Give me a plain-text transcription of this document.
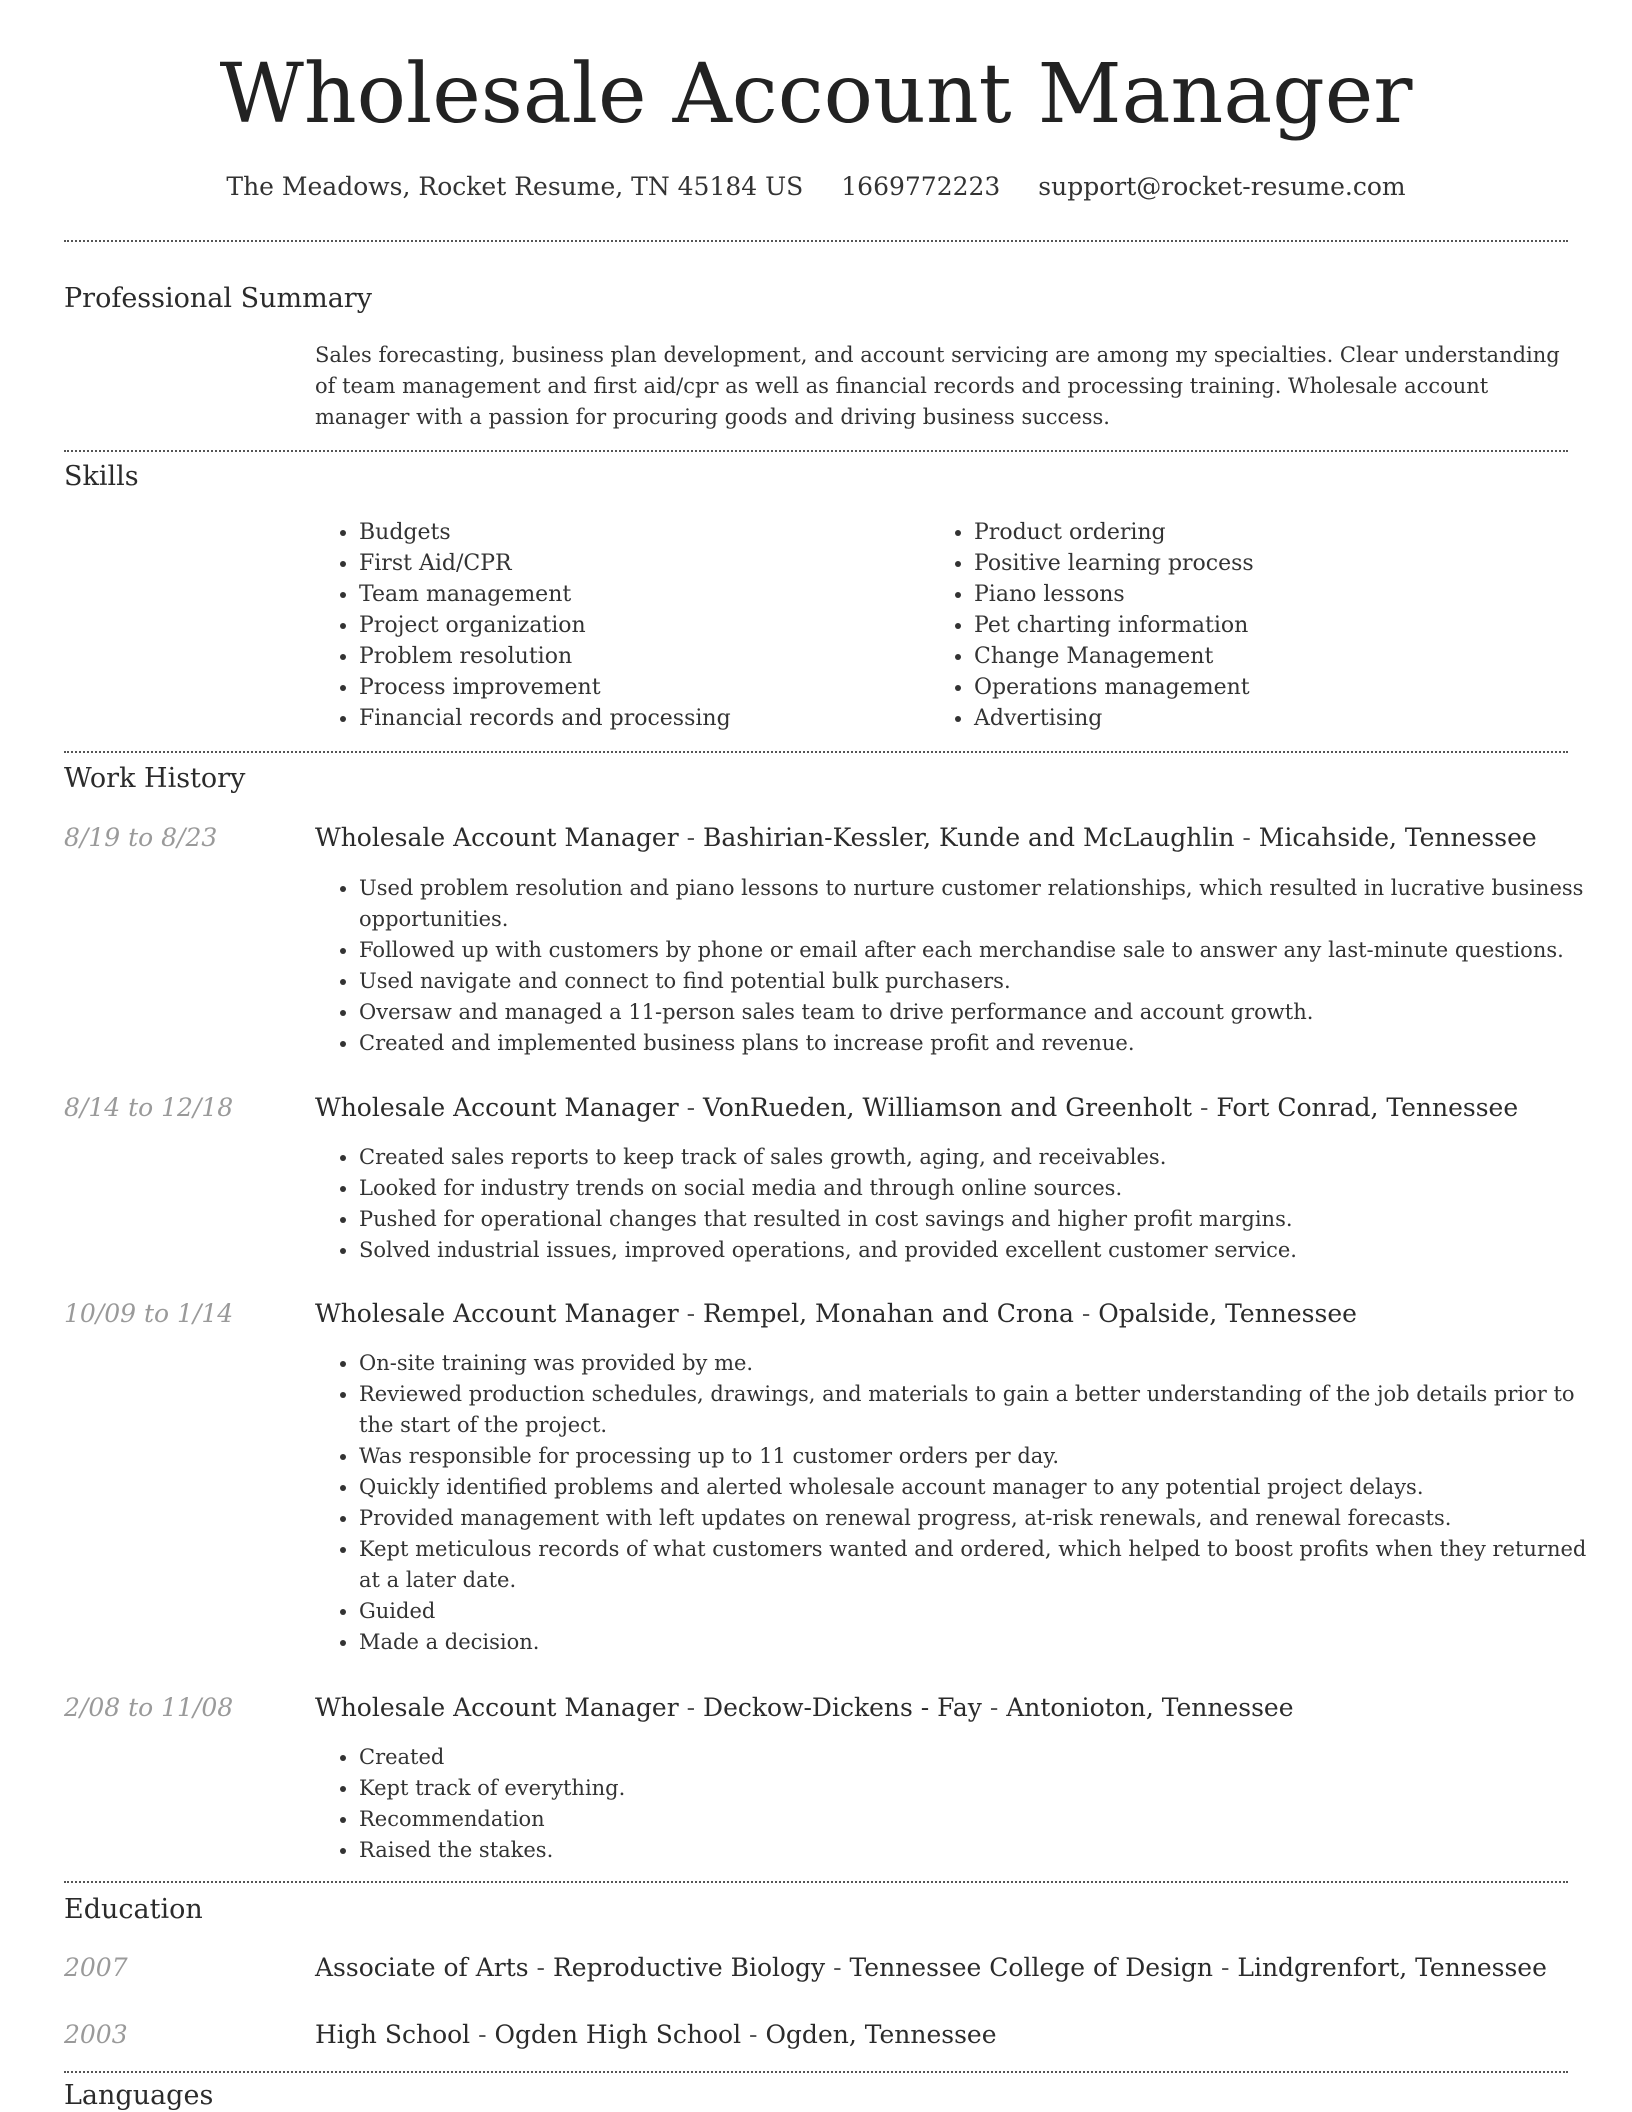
Wholesale Account Manager
The Meadows, Rocket Resume, TN 45184 US 1669772223 support@rocket-resume.com
Professional Summary

Sales forecasting, business plan development, and account servicing are among my specialties. Clear understanding of team management and first aid/cpr as well as financial records and processing training. Wholesale account manager with a passion for procuring goods and driving business success.

Skills
• Budgets
• First Aid/CPR
• Team management
• Project organization
• Problem resolution
• Process improvement
• Financial records and processing
• Product ordering
• Positive learning process
• Piano lessons
• Pet charting information
• Change Management
• Operations management
• Advertising
Work History
8/19 to 8/23	Wholesale Account Manager - Bashirian-Kessler, Kunde and McLaughlin - Micahside, Tennessee
• Used problem resolution and piano lessons to nurture customer relationships, which resulted in lucrative business opportunities.
• Followed up with customers by phone or email after each merchandise sale to answer any last-minute questions.
• Used navigate and connect to find potential bulk purchasers.
• Oversaw and managed a 11-person sales team to drive performance and account growth.
• Created and implemented business plans to increase profit and revenue.
8/14 to 12/18	Wholesale Account Manager - VonRueden, Williamson and Greenholt - Fort Conrad, Tennessee
• Created sales reports to keep track of sales growth, aging, and receivables.
• Looked for industry trends on social media and through online sources.
• Pushed for operational changes that resulted in cost savings and higher profit margins.
• Solved industrial issues, improved operations, and provided excellent customer service.
10/09 to 1/14	Wholesale Account Manager - Rempel, Monahan and Crona - Opalside, Tennessee
• On-site training was provided by me.
• Reviewed production schedules, drawings, and materials to gain a better understanding of the job details prior to the start of the project.
• Was responsible for processing up to 11 customer orders per day.
• Quickly identified problems and alerted wholesale account manager to any potential project delays.
• Provided management with left updates on renewal progress, at-risk renewals, and renewal forecasts.
• Kept meticulous records of what customers wanted and ordered, which helped to boost profits when they returned at a later date.
• Guided
• Made a decision.
2/08 to 11/08	Wholesale Account Manager - Deckow-Dickens - Fay - Antonioton, Tennessee
• Created
• Kept track of everything.
• Recommendation
• Raised the stakes.
Education
2007	Associate of Arts - Reproductive Biology - Tennessee College of Design - Lindgrenfort, Tennessee
2003	High School - Ogden High School - Ogden, Tennessee
Languages
